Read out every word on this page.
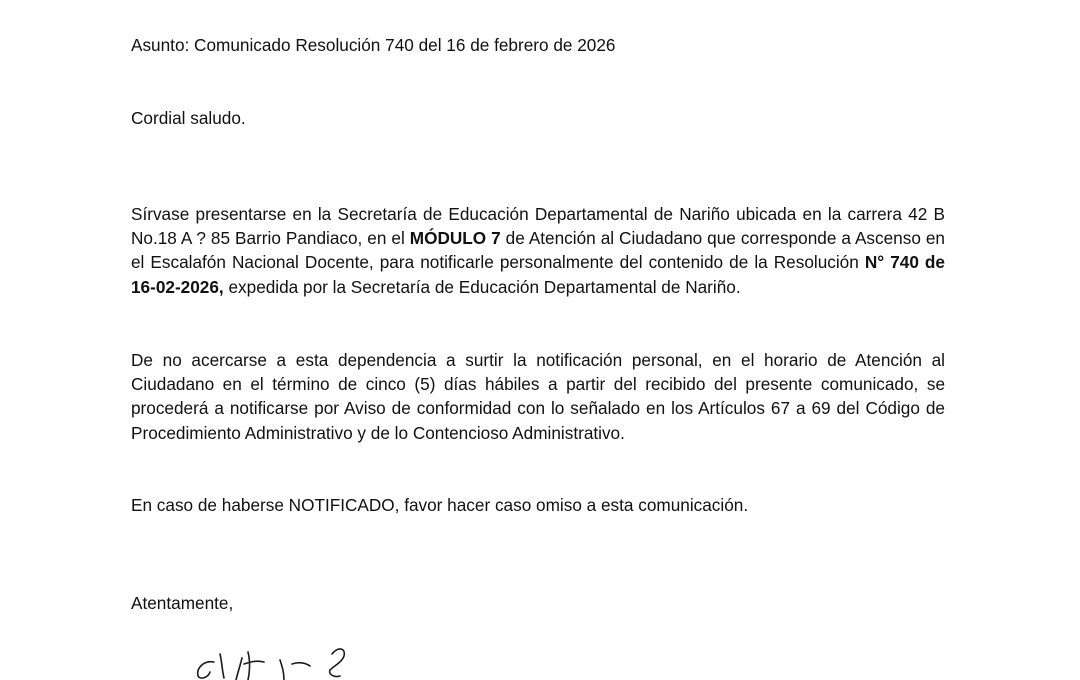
Asunto: Comunicado Resolución 740 del 16 de febrero de 2026

Cordial saludo.

Sírvase presentarse en la Secretaría de Educación Departamental de Nariño ubicada en la carrera 42 B No.18 A ? 85 Barrio Pandiaco, en el MÓDULO 7 de Atención al Ciudadano que corresponde a Ascenso en el Escalafón Nacional Docente, para notificarle personalmente del contenido de la Resolución N° 740 de 16-02-2026, expedida por la Secretaría de Educación Departamental de Nariño.

De no acercarse a esta dependencia a surtir la notificación personal, en el horario de Atención al Ciudadano en el término de cinco (5) días hábiles a partir del recibido del presente comunicado, se procederá a notificarse por Aviso de conformidad con lo señalado en los Artículos 67 a 69 del Código de Procedimiento Administrativo y de lo Contencioso Administrativo.

En caso de haberse NOTIFICADO, favor hacer caso omiso a esta comunicación.

Atentamente,
